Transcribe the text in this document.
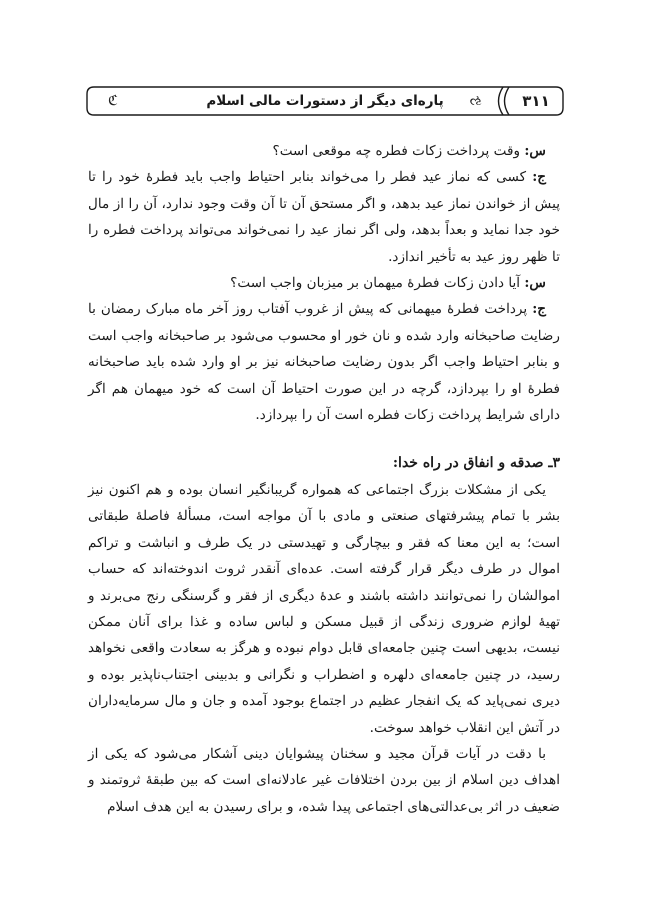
ℭ	ઌ
پاره‌ای دیگر از دستورات مالی اسلام	۳۱۱

س: وقت پرداخت زکات فطره چه موقعی است؟

ج: کسی که نماز عید فطر را می‌خواند بنابر احتیاط واجب باید فطرهٔ خود را تا پیش از خواندن نماز عید بدهد، و اگر مستحق آن تا آن وقت وجود ندارد، آن را از مال خود جدا نماید و بعداً بدهد، ولی اگر نماز عید را نمی‌خواند می‌تواند پرداخت فطره را تا ظهر روز عید به تأخیر اندازد.

س: آیا دادن زکات فطرهٔ میهمان بر میزبان واجب است؟

ج: پرداخت فطرهٔ میهمانی که پیش از غروب آفتاب روز آخر ماه مبارک رمضان با رضایت صاحبخانه وارد شده و نان خور او محسوب می‌شود بر صاحبخانه واجب است و بنابر احتیاط واجب اگر بدون رضایت صاحبخانه نیز بر او وارد شده باید صاحبخانه فطرهٔ او را بپردازد، گرچه در این صورت احتیاط آن است که خود میهمان هم اگر دارای شرایط پرداخت زکات فطره است آن را بپردازد.

۳ـ صدقه و انفاق در راه خدا:

یکی از مشکلات بزرگ اجتماعی که همواره گریبانگیر انسان بوده و هم اکنون نیز بشر با تمام پیشرفتهای صنعتی و مادی با آن مواجه است، مسألهٔ فاصلهٔ طبقاتی است؛ به این معنا که فقر و بیچارگی و تهیدستی در یک طرف و انباشت و تراکم اموال در طرف دیگر قرار گرفته است. عده‌ای آنقدر ثروت اندوخته‌اند که حساب اموالشان را نمی‌توانند داشته باشند و عدهٔ دیگری از فقر و گرسنگی رنج می‌برند و تهیهٔ لوازم ضروری زندگی از قبیل مسکن و لباس ساده و غذا برای آنان ممکن نیست، بدیهی است چنین جامعه‌ای قابل دوام نبوده و هرگز به سعادت واقعی نخواهد رسید، در چنین جامعه‌ای دلهره و اضطراب و نگرانی و بدبینی اجتناب‌ناپذیر بوده و دیری نمی‌پاید که یک انفجار عظیم در اجتماع بوجود آمده و جان و مال سرمایه‌داران در آتش این انقلاب خواهد سوخت.

با دقت در آیات قرآن مجید و سخنان پیشوایان دینی آشکار می‌شود که یکی از اهداف دین اسلام از بین بردن اختلافات غیر عادلانه‌ای است که بین طبقهٔ ثروتمند و ضعیف در اثر بی‌عدالتی‌های اجتماعی پیدا شده، و برای رسیدن به این هدف اسلام
